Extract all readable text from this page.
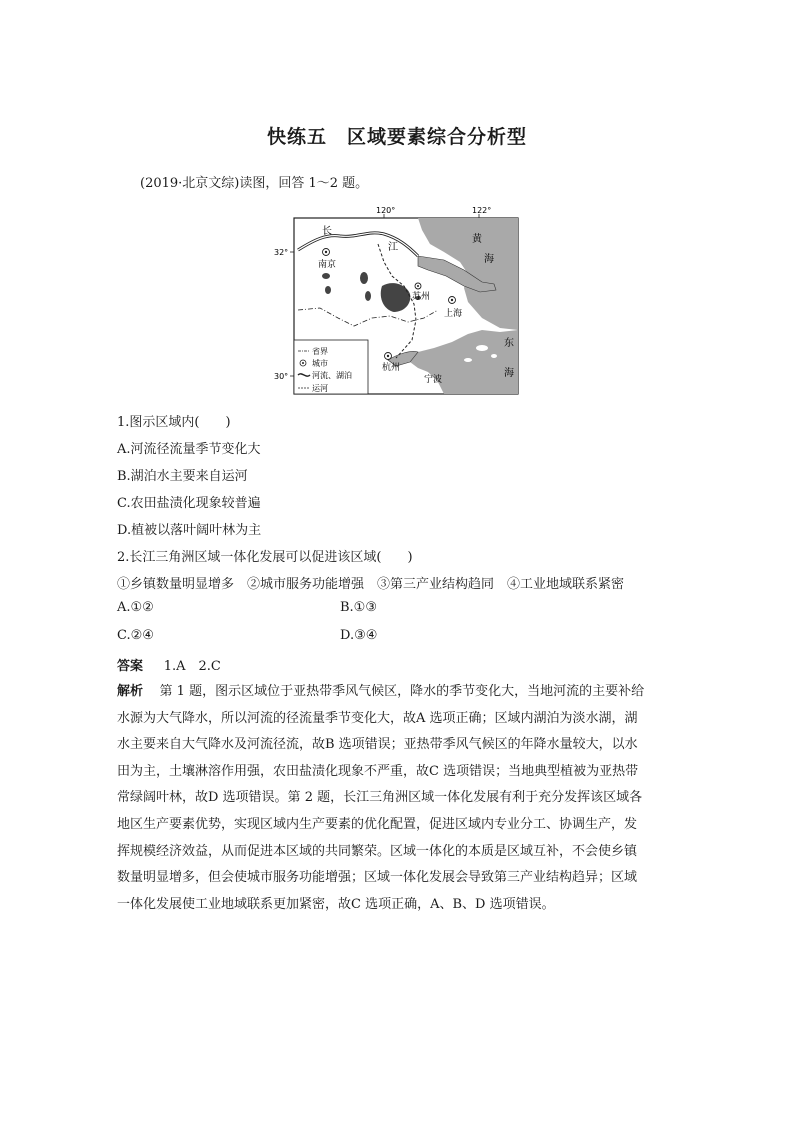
快练五　区域要素综合分析型
(2019·北京文综)读图，回答 1～2 题。
120°	122°
32°
30°
长
江
黄
海
东
海
南京
苏州
上海
杭州
宁波
省界
城市
河流、湖泊
运河
1.图示区域内(　　)
A.河流径流量季节变化大
B.湖泊水主要来自运河
C.农田盐渍化现象较普遍
D.植被以落叶阔叶林为主
2.长江三角洲区域一体化发展可以促进该区域(　　)
①乡镇数量明显增多　②城市服务功能增强　③第三产业结构趋同　④工业地域联系紧密
A.①②	B.①③
C.②④	D.③④
答案 1.A　2.C
解析 第 1 题，图示区域位于亚热带季风气候区，降水的季节变化大，当地河流的主要补给
水源为大气降水，所以河流的径流量季节变化大，故A 选项正确；区域内湖泊为淡水湖，湖
水主要来自大气降水及河流径流，故B 选项错误；亚热带季风气候区的年降水量较大，以水
田为主，土壤淋溶作用强，农田盐渍化现象不严重，故C 选项错误；当地典型植被为亚热带
常绿阔叶林，故D 选项错误。第 2 题，长江三角洲区域一体化发展有利于充分发挥该区域各
地区生产要素优势，实现区域内生产要素的优化配置，促进区域内专业分工、协调生产，发
挥规模经济效益，从而促进本区域的共同繁荣。区域一体化的本质是区域互补，不会使乡镇
数量明显增多，但会使城市服务功能增强；区域一体化发展会导致第三产业结构趋异；区域
一体化发展使工业地域联系更加紧密，故C 选项正确，A、B、D 选项错误。
